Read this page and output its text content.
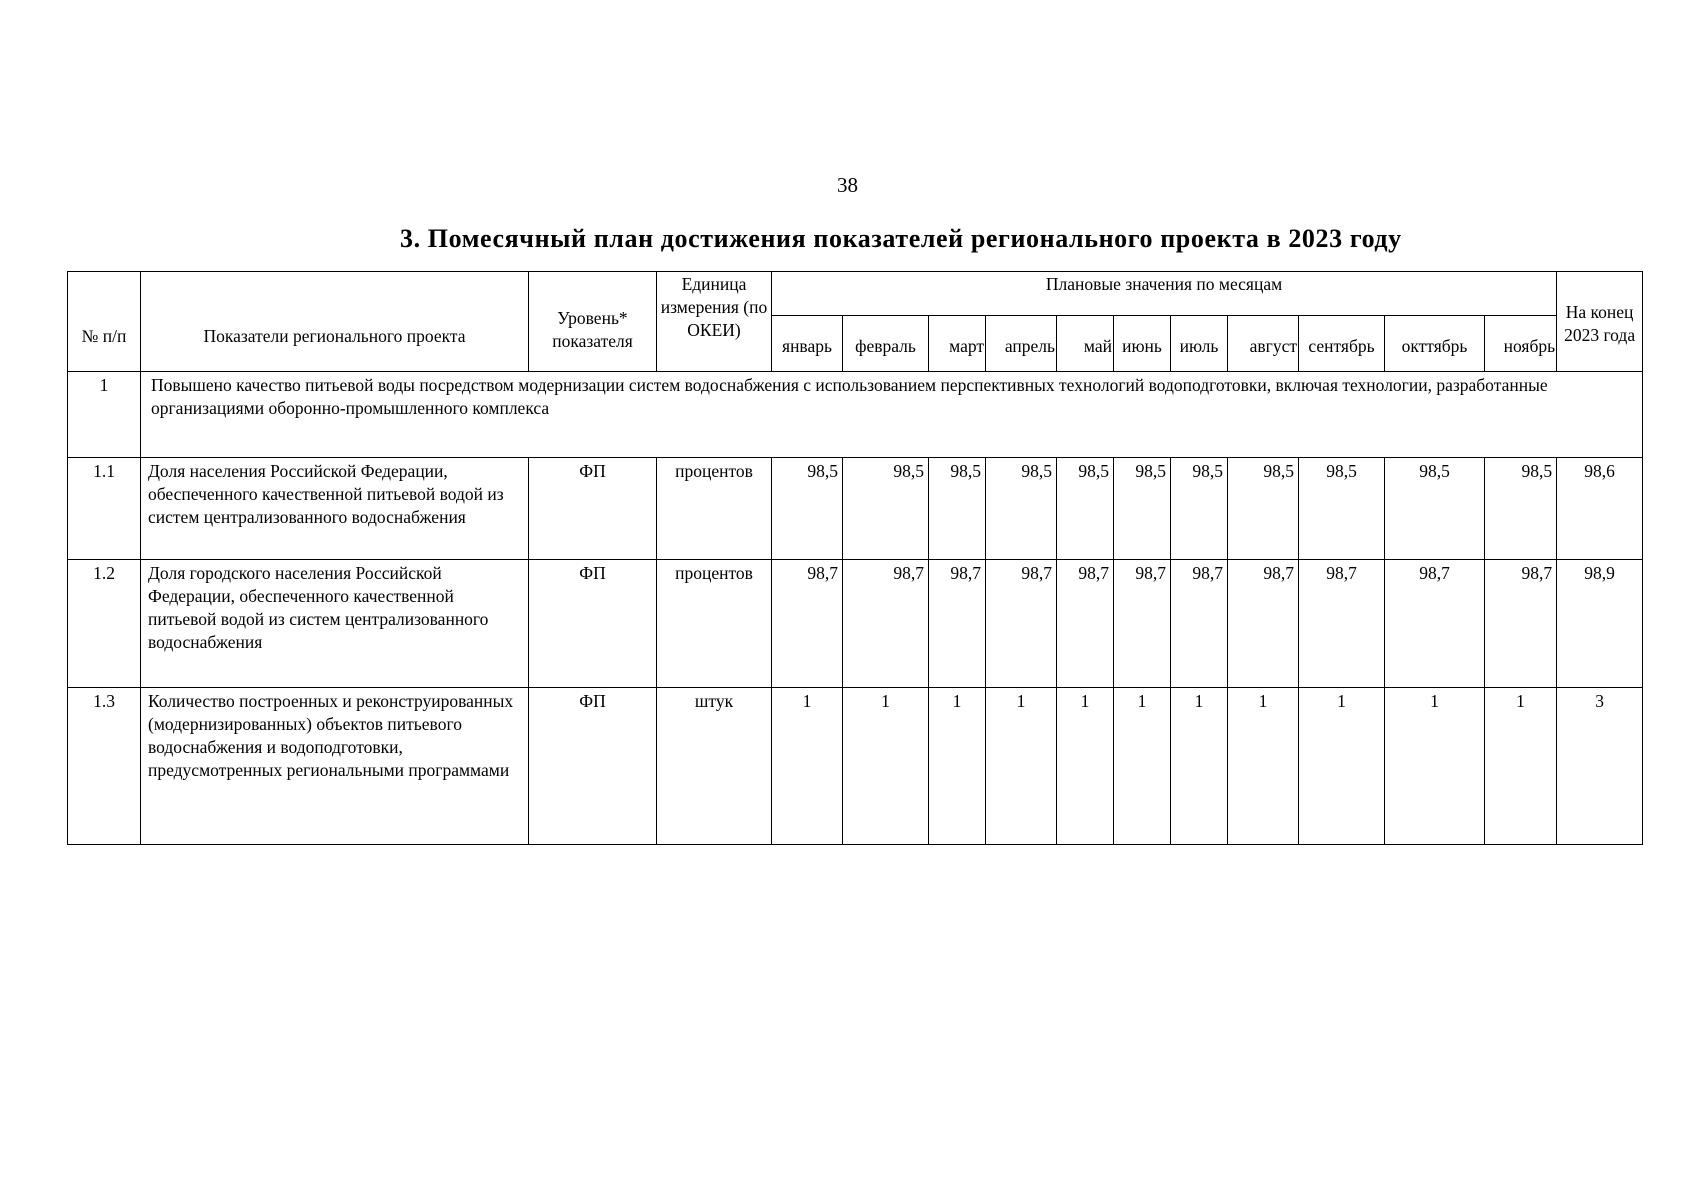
38
3. Помесячный план достижения показателей регионального проекта в 2023 году
№ п/п	Показатели регионального проекта	Уровень* показателя	Единица измерения (по ОКЕИ)	Плановые значения по месяцам											На конец 2023 года
				январь	февраль	март	апрель	май	июнь	июль	август	сентябрь	окттябрь	ноябрь	
1	Повышено качество питьевой воды посредством модернизации систем водоснабжения с использованием перспективных технологий водоподготовки, включая технологии, разработанные организациями оборонно-промышленного комплекса														
1.1	Доля населения Российской Федерации, обеспеченного качественной питьевой водой из систем централизованного водоснабжения	ФП	процентов	98,5	98,5	98,5	98,5	98,5	98,5	98,5	98,5	98,5	98,5	98,5	98,6
1.2	Доля городского населения Российской Федерации, обеспеченного качественной питьевой водой из систем централизованного водоснабжения	ФП	процентов	98,7	98,7	98,7	98,7	98,7	98,7	98,7	98,7	98,7	98,7	98,7	98,9
1.3	Количество построенных и реконструированных (модернизированных) объектов питьевого водоснабжения и водоподготовки, предусмотренных региональными программами	ФП	штук	1	1	1	1	1	1	1	1	1	1	1	3
